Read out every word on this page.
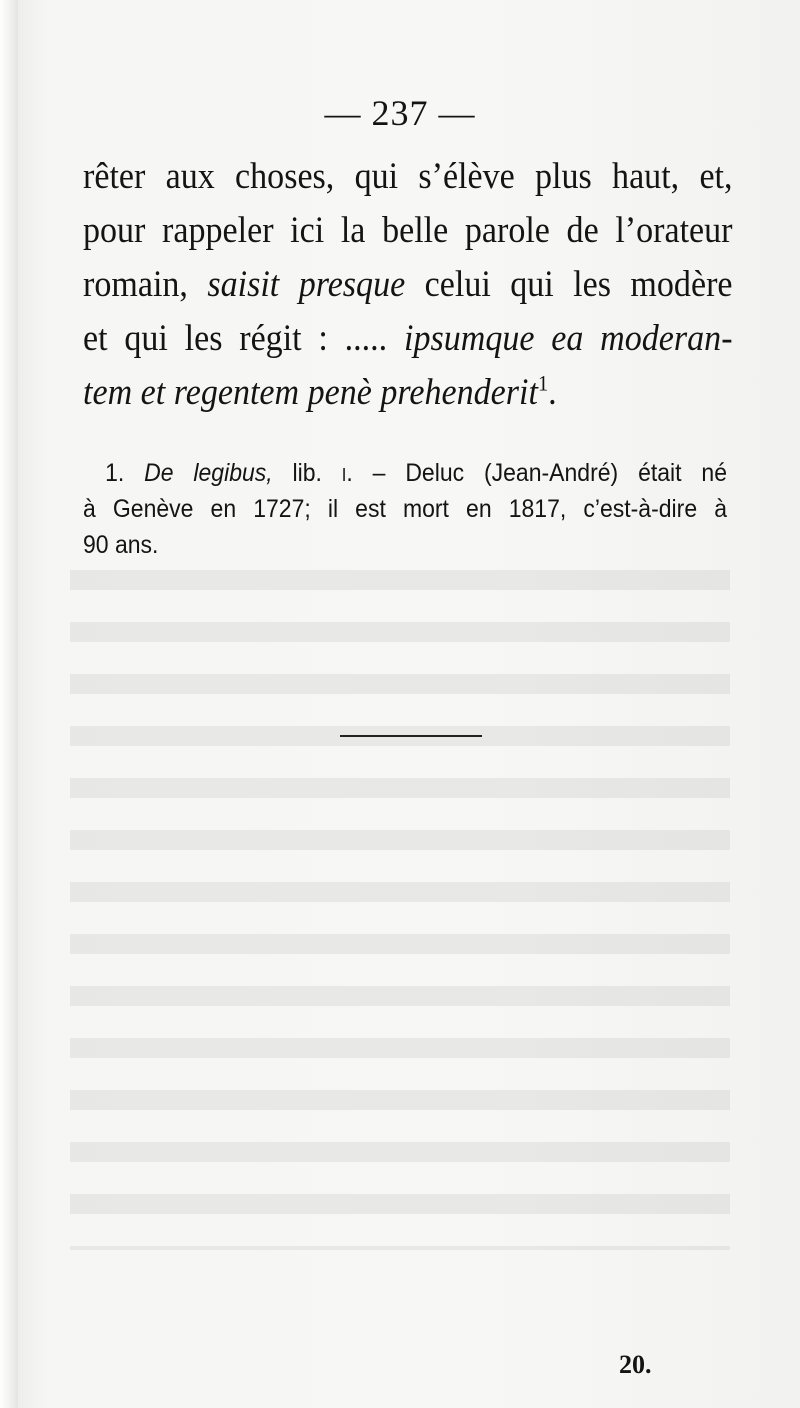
— 237 —
rêter aux choses, qui s’élève plus haut, et,
pour rappeler ici la belle parole de l’orateur
romain, saisit presque celui qui les modère
et qui les régit : ..... ipsumque ea moderan-
tem et regentem penè prehenderit$^1$.
1. De legibus, lib. i. – Deluc (Jean-André) était né
à Genève en 1727; il est mort en 1817, c’est-à-dire à
90 ans.
20.
